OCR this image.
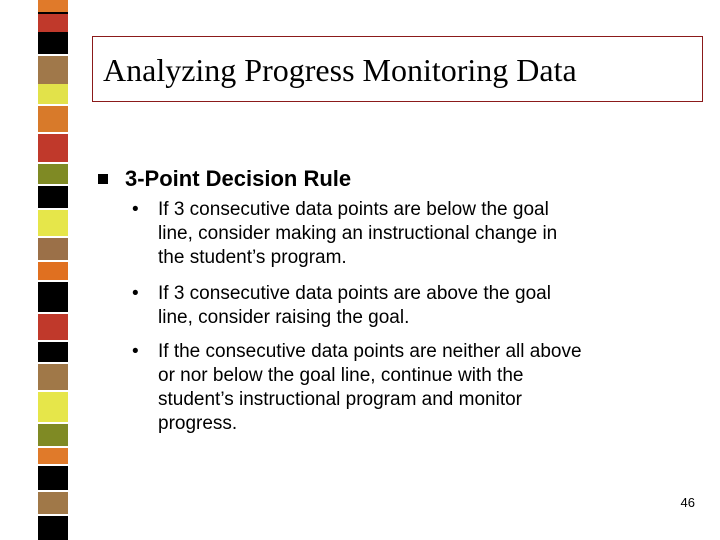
Analyzing Progress Monitoring Data
3-Point Decision Rule
•	If 3 consecutive data points are below the goal
line, consider making an instructional change in
the student’s program.
•	If 3 consecutive data points are above the goal
line, consider raising the goal.
•	If the consecutive data points are neither all above
or nor below the goal line, continue with the
student’s instructional program and monitor
progress.
46
